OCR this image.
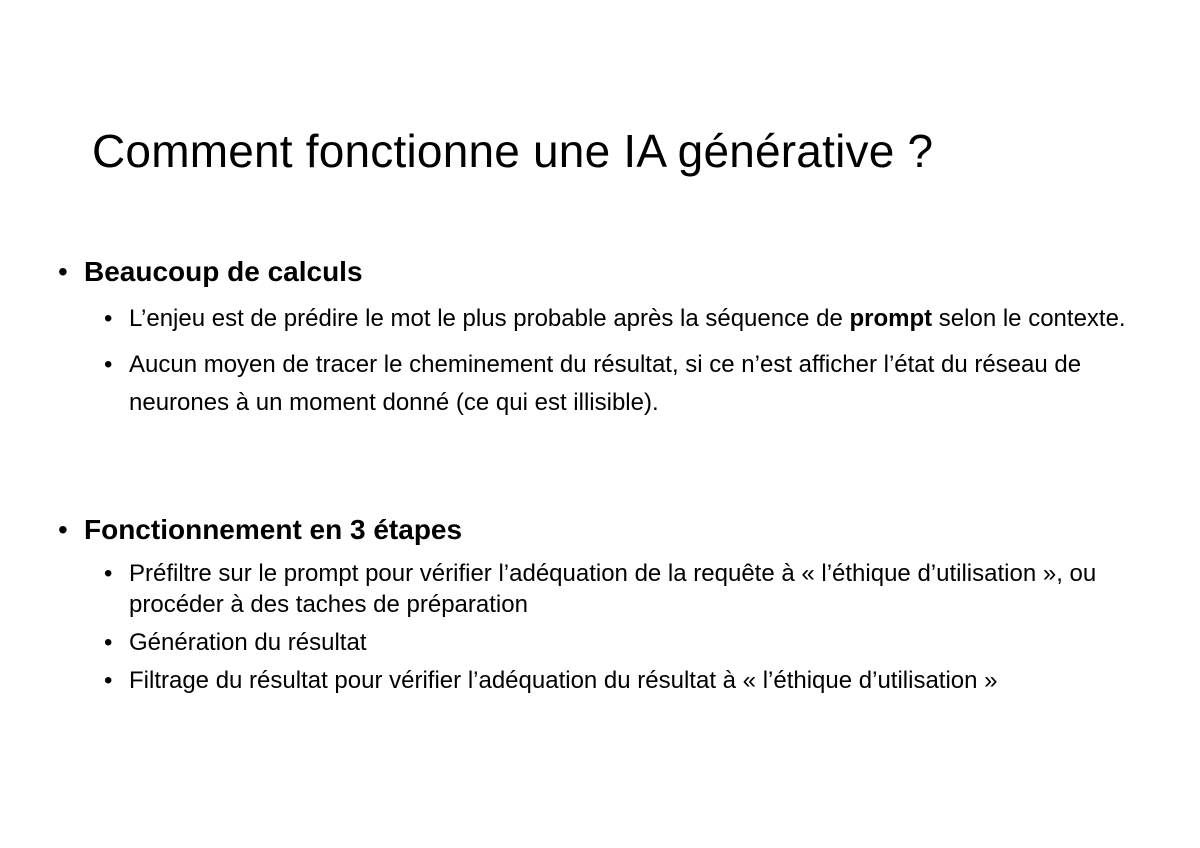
Comment fonctionne une IA générative ?
• Beaucoup de calculs
• L’enjeu est de prédire le mot le plus probable après la séquence de prompt selon le contexte.
• Aucun moyen de tracer le cheminement du résultat, si ce n’est afficher l’état du réseau de neurones à un moment donné (ce qui est illisible).
• Fonctionnement en 3 étapes
• Préfiltre sur le prompt pour vérifier l’adéquation de la requête à « l’éthique d’utilisation », ou procéder à des taches de préparation
• Génération du résultat
• Filtrage du résultat pour vérifier l’adéquation du résultat à « l’éthique d’utilisation »
